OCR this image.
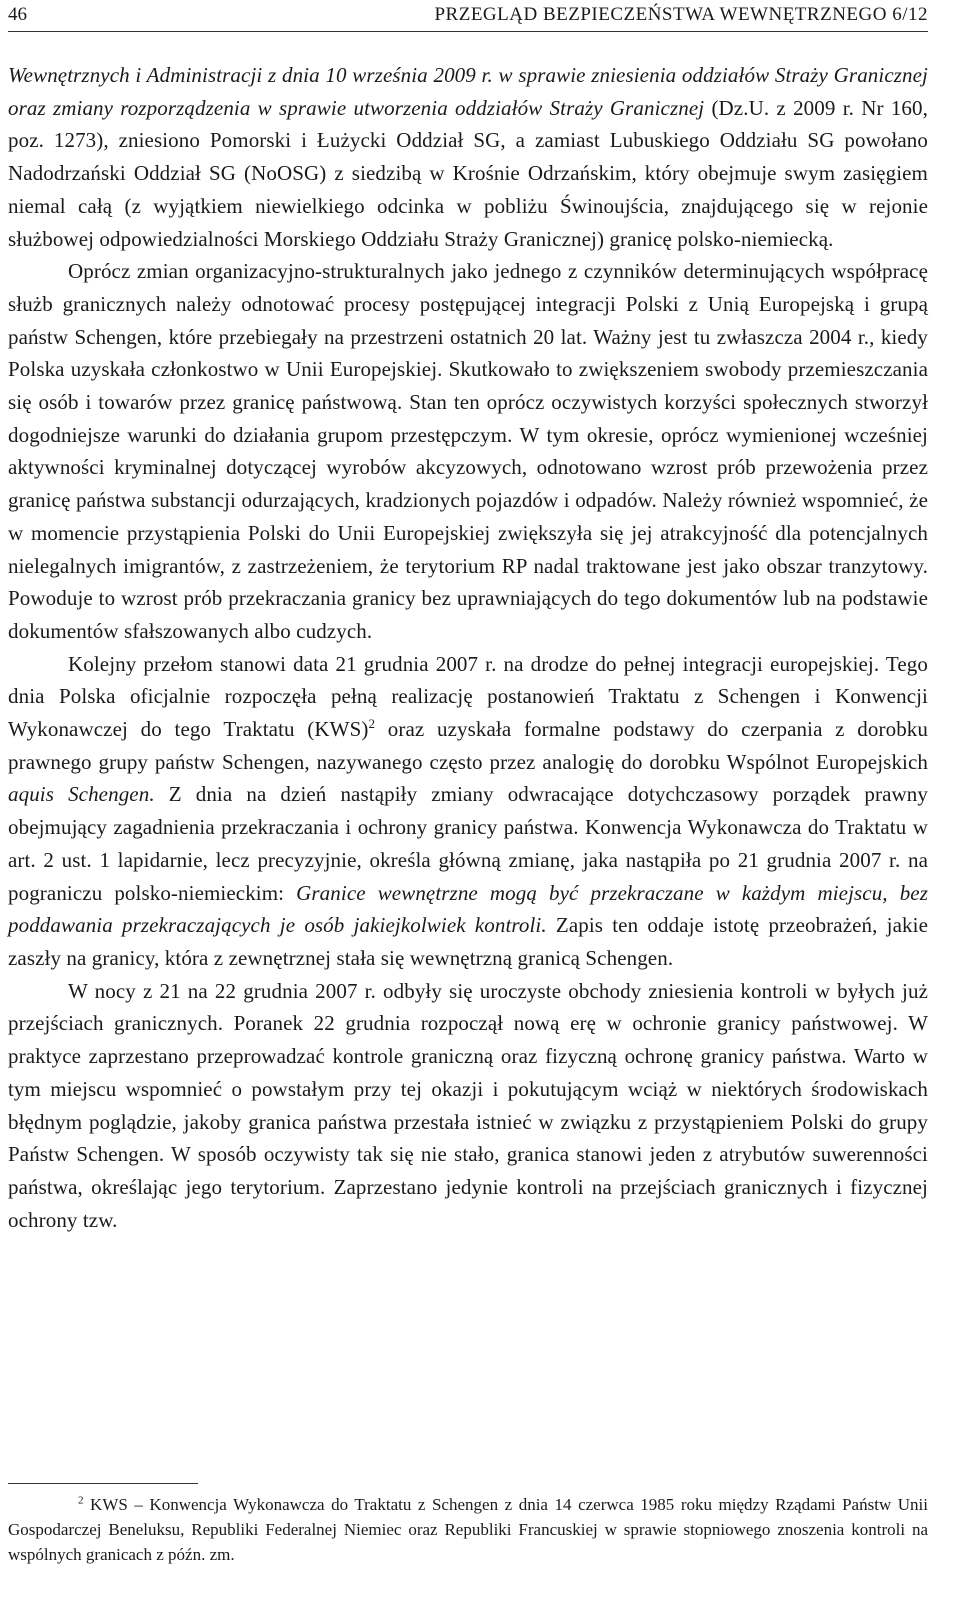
46	PRZEGLĄD BEZPIECZEŃSTWA WEWNĘTRZNEGO 6/12

Wewnętrznych i Administracji z dnia 10 września 2009 r. w sprawie zniesienia oddziałów Straży Granicznej oraz zmiany rozporządzenia w sprawie utworzenia oddziałów Straży Granicznej (Dz.U. z 2009 r. Nr 160, poz. 1273), zniesiono Pomorski i Łużycki Oddział SG, a zamiast Lubuskiego Oddziału SG powołano Nadodrzański Oddział SG (NoOSG) z siedzibą w Krośnie Odrzańskim, który obejmuje swym zasięgiem niemal całą (z wyjątkiem niewielkiego odcinka w pobliżu Świnoujścia, znajdującego się w rejonie służbowej odpowiedzialności Morskiego Oddziału Straży Granicznej) granicę polsko-niemiecką.

Oprócz zmian organizacyjno-strukturalnych jako jednego z czynników determinujących współpracę służb granicznych należy odnotować procesy postępującej integracji Polski z Unią Europejską i grupą państw Schengen, które przebiegały na przestrzeni ostatnich 20 lat. Ważny jest tu zwłaszcza 2004 r., kiedy Polska uzyskała członkostwo w Unii Europejskiej. Skutkowało to zwiększeniem swobody przemieszczania się osób i towarów przez granicę państwową. Stan ten oprócz oczywistych korzyści społecznych stworzył dogodniejsze warunki do działania grupom przestępczym. W tym okresie, oprócz wymienionej wcześniej aktywności kryminalnej dotyczącej wyrobów akcyzowych, odnotowano wzrost prób przewożenia przez granicę państwa substancji odurzających, kradzionych pojazdów i odpadów. Należy również wspomnieć, że w momencie przystąpienia Polski do Unii Europejskiej zwiększyła się jej atrakcyjność dla potencjalnych nielegalnych imigrantów, z zastrzeżeniem, że terytorium RP nadal traktowane jest jako obszar tranzytowy. Powoduje to wzrost prób przekraczania granicy bez uprawniających do tego dokumentów lub na podstawie dokumentów sfałszowanych albo cudzych.

Kolejny przełom stanowi data 21 grudnia 2007 r. na drodze do pełnej integracji europejskiej. Tego dnia Polska oficjalnie rozpoczęła pełną realizację postanowień Traktatu z Schengen i Konwencji Wykonawczej do tego Traktatu (KWS)$^2$ oraz uzyskała formalne podstawy do czerpania z dorobku prawnego grupy państw Schengen, nazywanego często przez analogię do dorobku Wspólnot Europejskich aquis Schengen. Z dnia na dzień nastąpiły zmiany odwracające dotychczasowy porządek prawny obejmujący zagadnienia przekraczania i ochrony granicy państwa. Konwencja Wykonawcza do Traktatu w art. 2 ust. 1 lapidarnie, lecz precyzyjnie, określa główną zmianę, jaka nastąpiła po 21 grudnia 2007 r. na pograniczu polsko-niemieckim: Granice wewnętrzne mogą być przekraczane w każdym miejscu, bez poddawania przekraczających je osób jakiejkolwiek kontroli. Zapis ten oddaje istotę przeobrażeń, jakie zaszły na granicy, która z zewnętrznej stała się wewnętrzną granicą Schengen.

W nocy z 21 na 22 grudnia 2007 r. odbyły się uroczyste obchody zniesienia kontroli w byłych już przejściach granicznych. Poranek 22 grudnia rozpoczął nową erę w ochronie granicy państwowej. W praktyce zaprzestano przeprowadzać kontrole graniczną oraz fizyczną ochronę granicy państwa. Warto w tym miejscu wspomnieć o powstałym przy tej okazji i pokutującym wciąż w niektórych środowiskach błędnym poglądzie, jakoby granica państwa przestała istnieć w związku z przystąpieniem Polski do grupy Państw Schengen. W sposób oczywisty tak się nie stało, granica stanowi jeden z atrybutów suwerenności państwa, określając jego terytorium. Zaprzestano jedynie kontroli na przejściach granicznych i fizycznej ochrony tzw.

$^2$ KWS – Konwencja Wykonawcza do Traktatu z Schengen z dnia 14 czerwca 1985 roku między Rządami Państw Unii Gospodarczej Beneluksu, Republiki Federalnej Niemiec oraz Republiki Francuskiej w sprawie stopniowego znoszenia kontroli na wspólnych granicach z późn. zm.
